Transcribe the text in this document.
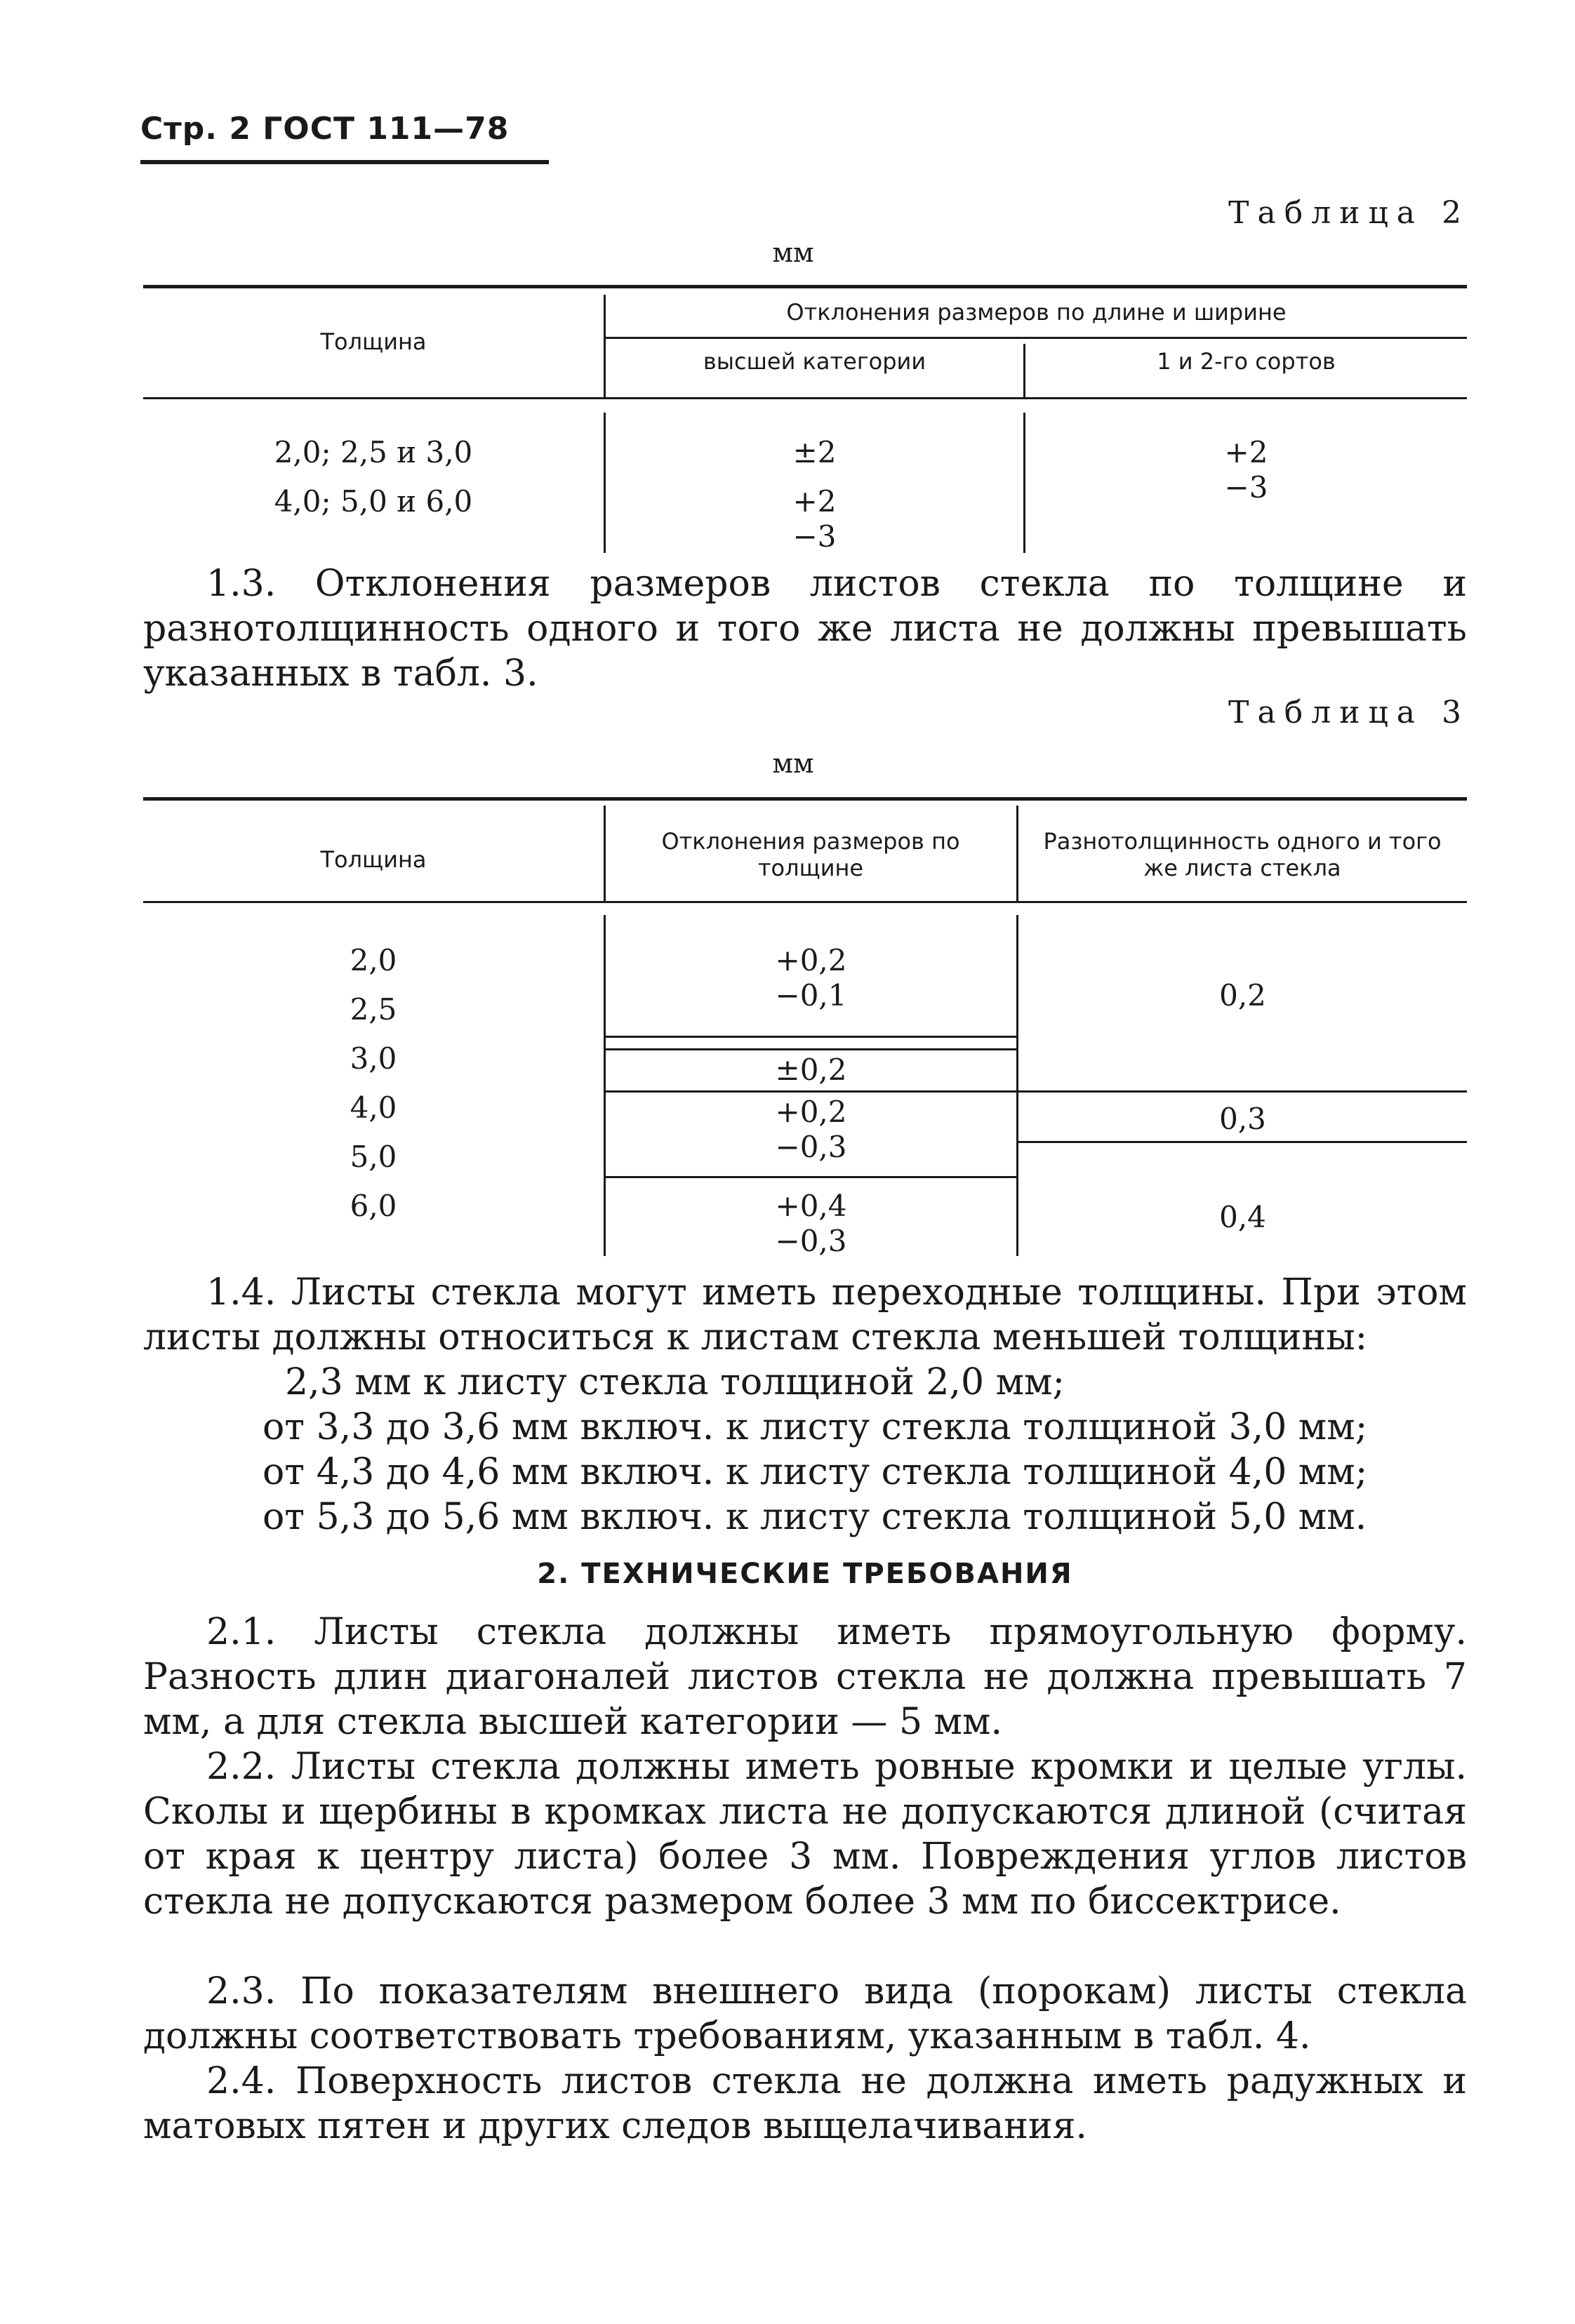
Стр. 2 ГОСТ 111—78
Таблица 2
мм
Толщина
Отклонения размеров по длине и ширине
высшей категории	1 и 2-го сортов
2,0; 2,5 и 3,0
4,0; 5,0 и 6,0
±2
+2
−3
+2
−3

1.3. Отклонения размеров листов стекла по толщине и разнотолщинность одного и того же листа не должны превышать указанных в табл. 3.

Таблица 3
мм
Толщина
Отклонения размеров по толщине
Разнотолщинность одного и того же листа стекла
2,0
2,5
3,0
4,0
5,0
6,0
+0,2
−0,1
±0,2
+0,2
−0,3
+0,4
−0,3
0,2
0,3
0,4

1.4. Листы стекла могут иметь переходные толщины. При этом листы должны относиться к листам стекла меньшей толщины:

2,3 мм к листу стекла толщиной 2,0 мм;

от 3,3 до 3,6 мм включ. к листу стекла толщиной 3,0 мм;

от 4,3 до 4,6 мм включ. к листу стекла толщиной 4,0 мм;

от 5,3 до 5,6 мм включ. к листу стекла толщиной 5,0 мм.

2. ТЕХНИЧЕСКИЕ ТРЕБОВАНИЯ

2.1. Листы стекла должны иметь прямоугольную форму. Разность длин диагоналей листов стекла не должна превышать 7 мм, а для стекла высшей категории — 5 мм.

2.2. Листы стекла должны иметь ровные кромки и целые углы. Сколы и щербины в кромках листа не допускаются длиной (считая от края к центру листа) более 3 мм. Повреждения углов листов стекла не допускаются размером более 3 мм по биссектрисе.

2.3. По показателям внешнего вида (порокам) листы стекла должны соответствовать требованиям, указанным в табл. 4.

2.4. Поверхность листов стекла не должна иметь радужных и матовых пятен и других следов выщелачивания.
